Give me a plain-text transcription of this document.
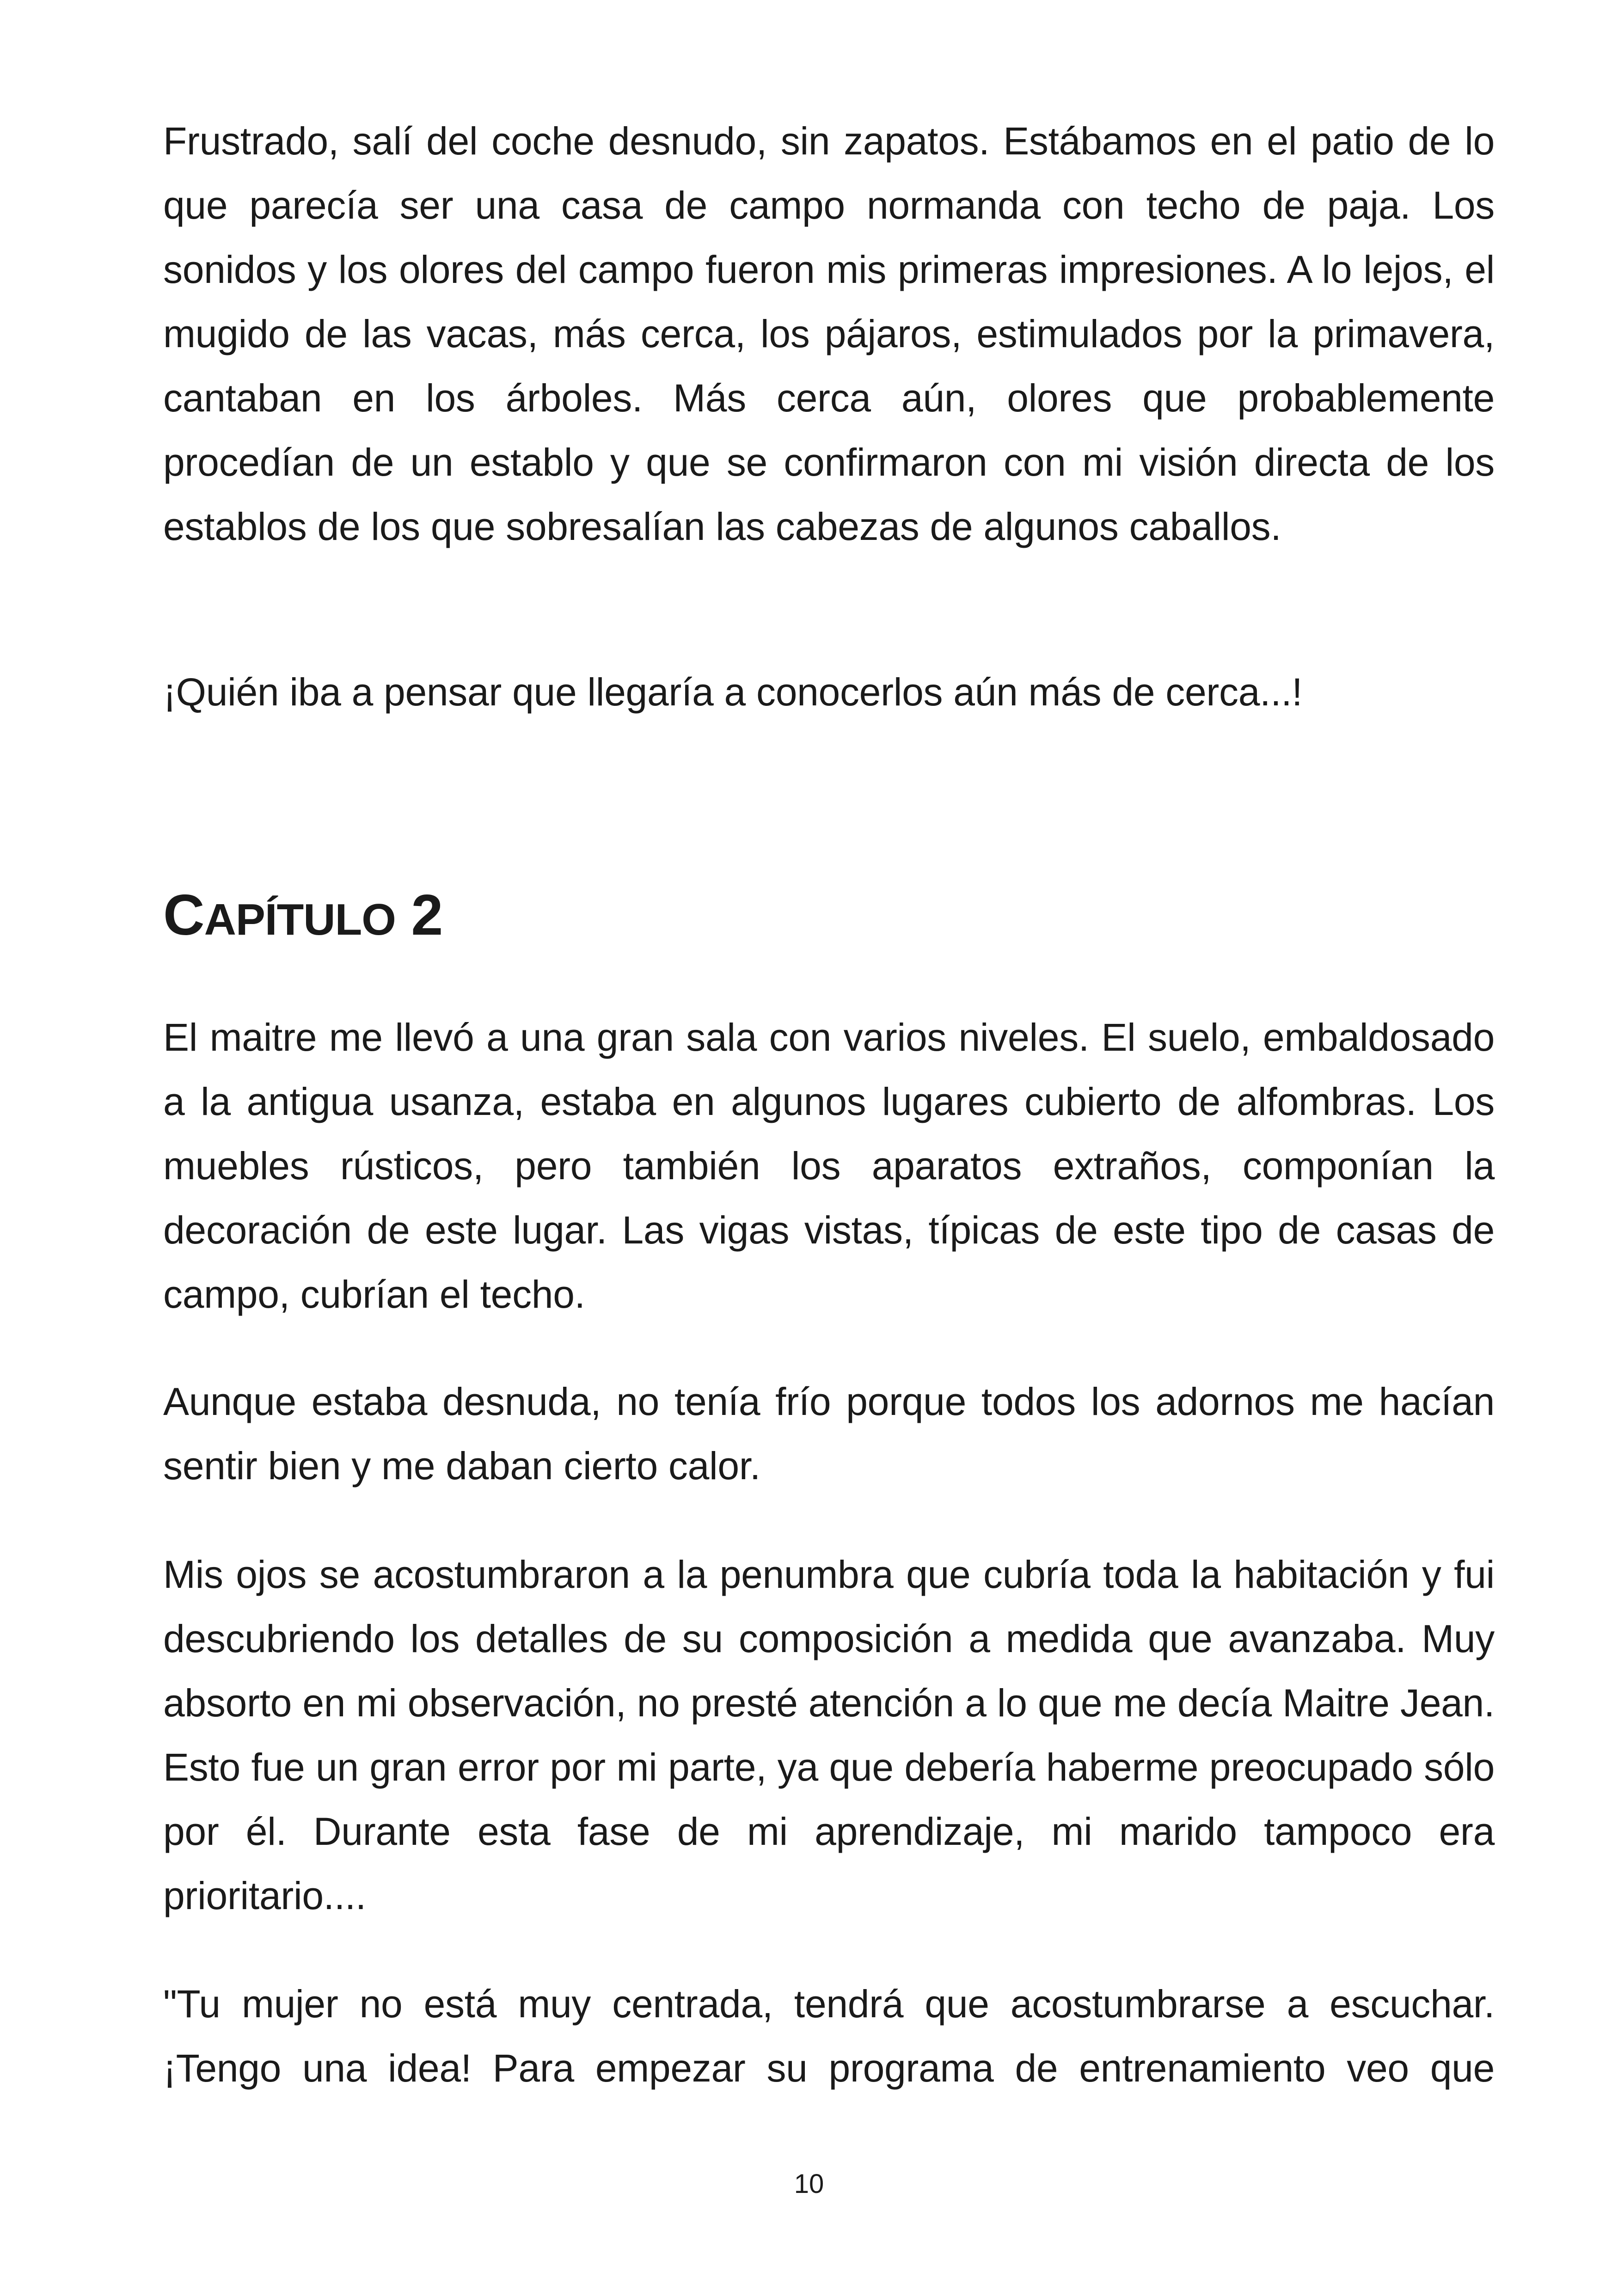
Frustrado, salí del coche desnudo, sin zapatos. Estábamos en el patio de lo que parecía ser una casa de campo normanda con techo de paja. Los sonidos y los olores del campo fueron mis primeras impresiones. A lo lejos, el mugido de las vacas, más cerca, los pájaros, estimulados por la primavera, cantaban en los árboles. Más cerca aún, olores que probablemente procedían de un establo y que se confirmaron con mi visión directa de los establos de los que sobresalían las cabezas de algunos caballos.

¡Quién iba a pensar que llegaría a conocerlos aún más de cerca...!

CAPÍTULO 2

El maitre me llevó a una gran sala con varios niveles. El suelo, embaldosado a la antigua usanza, estaba en algunos lugares cubierto de alfombras. Los muebles rústicos, pero también los aparatos extraños, componían la decoración de este lugar. Las vigas vistas, típicas de este tipo de casas de campo, cubrían el techo.

Aunque estaba desnuda, no tenía frío porque todos los adornos me hacían sentir bien y me daban cierto calor.

Mis ojos se acostumbraron a la penumbra que cubría toda la habitación y fui descubriendo los detalles de su composición a medida que avanzaba. Muy absorto en mi observación, no presté atención a lo que me decía Maitre Jean. Esto fue un gran error por mi parte, ya que debería haberme preocupado sólo por él. Durante esta fase de mi aprendizaje, mi marido tampoco era prioritario....

"Tu mujer no está muy centrada, tendrá que acostumbrarse a escuchar. ¡Tengo una idea! Para empezar su programa de entrenamiento veo que

10
